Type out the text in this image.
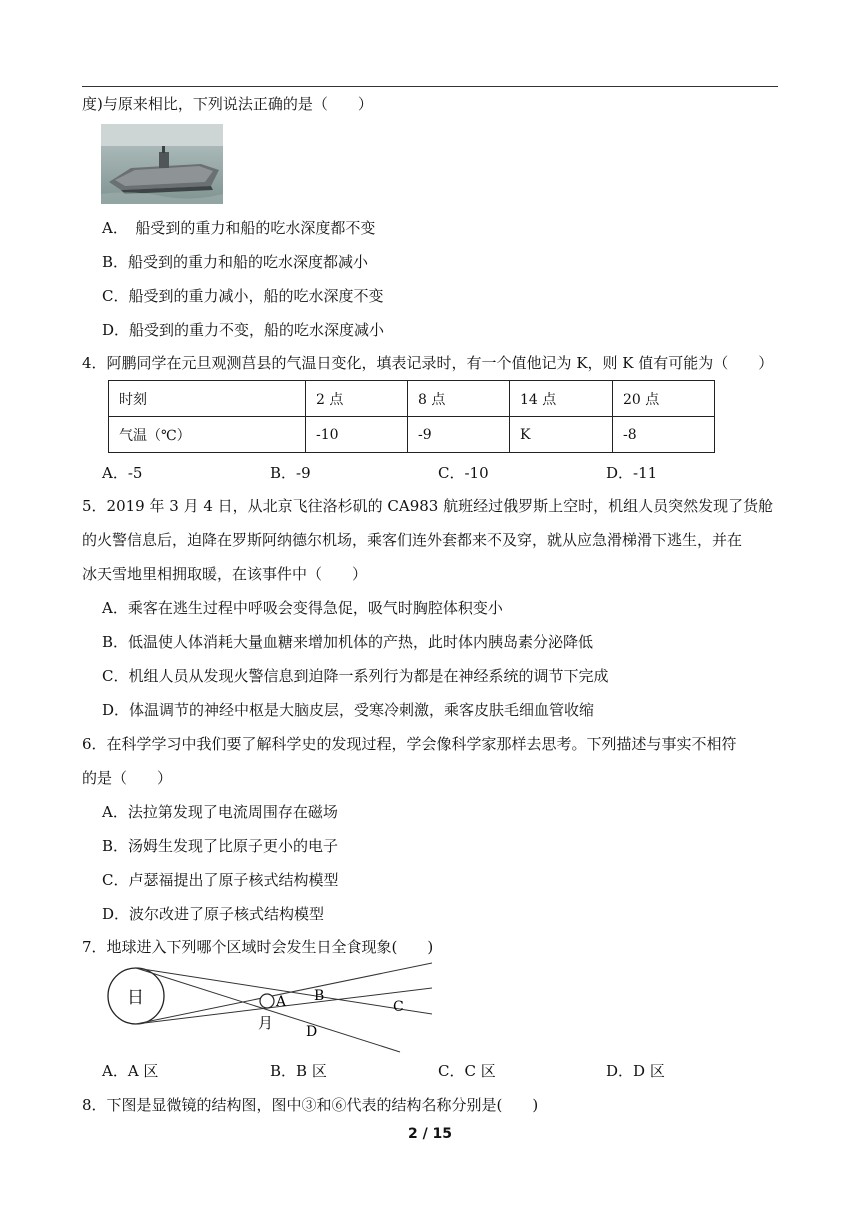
度)与原来相比，下列说法正确的是（　　）
A．　船受到的重力和船的吃水深度都不变
B．船受到的重力和船的吃水深度都减小
C．船受到的重力减小，船的吃水深度不变
D．船受到的重力不变，船的吃水深度减小
4．阿鹏同学在元旦观测莒县的气温日变化，填表记录时，有一个值他记为 K，则 K 值有可能为（　　）
时刻	2 点	8 点	14 点	20 点
气温（℃）	-10	-9	K	-8
A．-5	B．-9	C．-10	D．-11
5．2019 年 3 月 4 日，从北京飞往洛杉矶的 CA983 航班经过俄罗斯上空时，机组人员突然发现了货舱
的火警信息后，迫降在罗斯阿纳德尔机场，乘客们连外套都来不及穿，就从应急滑梯滑下逃生，并在
冰天雪地里相拥取暖，在该事件中（　　）
A．乘客在逃生过程中呼吸会变得急促，吸气时胸腔体积变小
B．低温使人体消耗大量血糖来增加机体的产热，此时体内胰岛素分泌降低
C．机组人员从发现火警信息到迫降一系列行为都是在神经系统的调节下完成
D．体温调节的神经中枢是大脑皮层，受寒冷刺激，乘客皮肤毛细血管收缩
6．在科学学习中我们要了解科学史的发现过程，学会像科学家那样去思考。下列描述与事实不相符
的是（　　）
A．法拉第发现了电流周围存在磁场
B．汤姆生发现了比原子更小的电子
C．卢瑟福提出了原子核式结构模型
D．波尔改进了原子核式结构模型
7．地球进入下列哪个区域时会发生日全食现象(　　)
日
月
A B
C
D
A．A 区	B．B 区	C．C 区	D．D 区
8．下图是显微镜的结构图，图中③和⑥代表的结构名称分别是(　　)
2 / 15
